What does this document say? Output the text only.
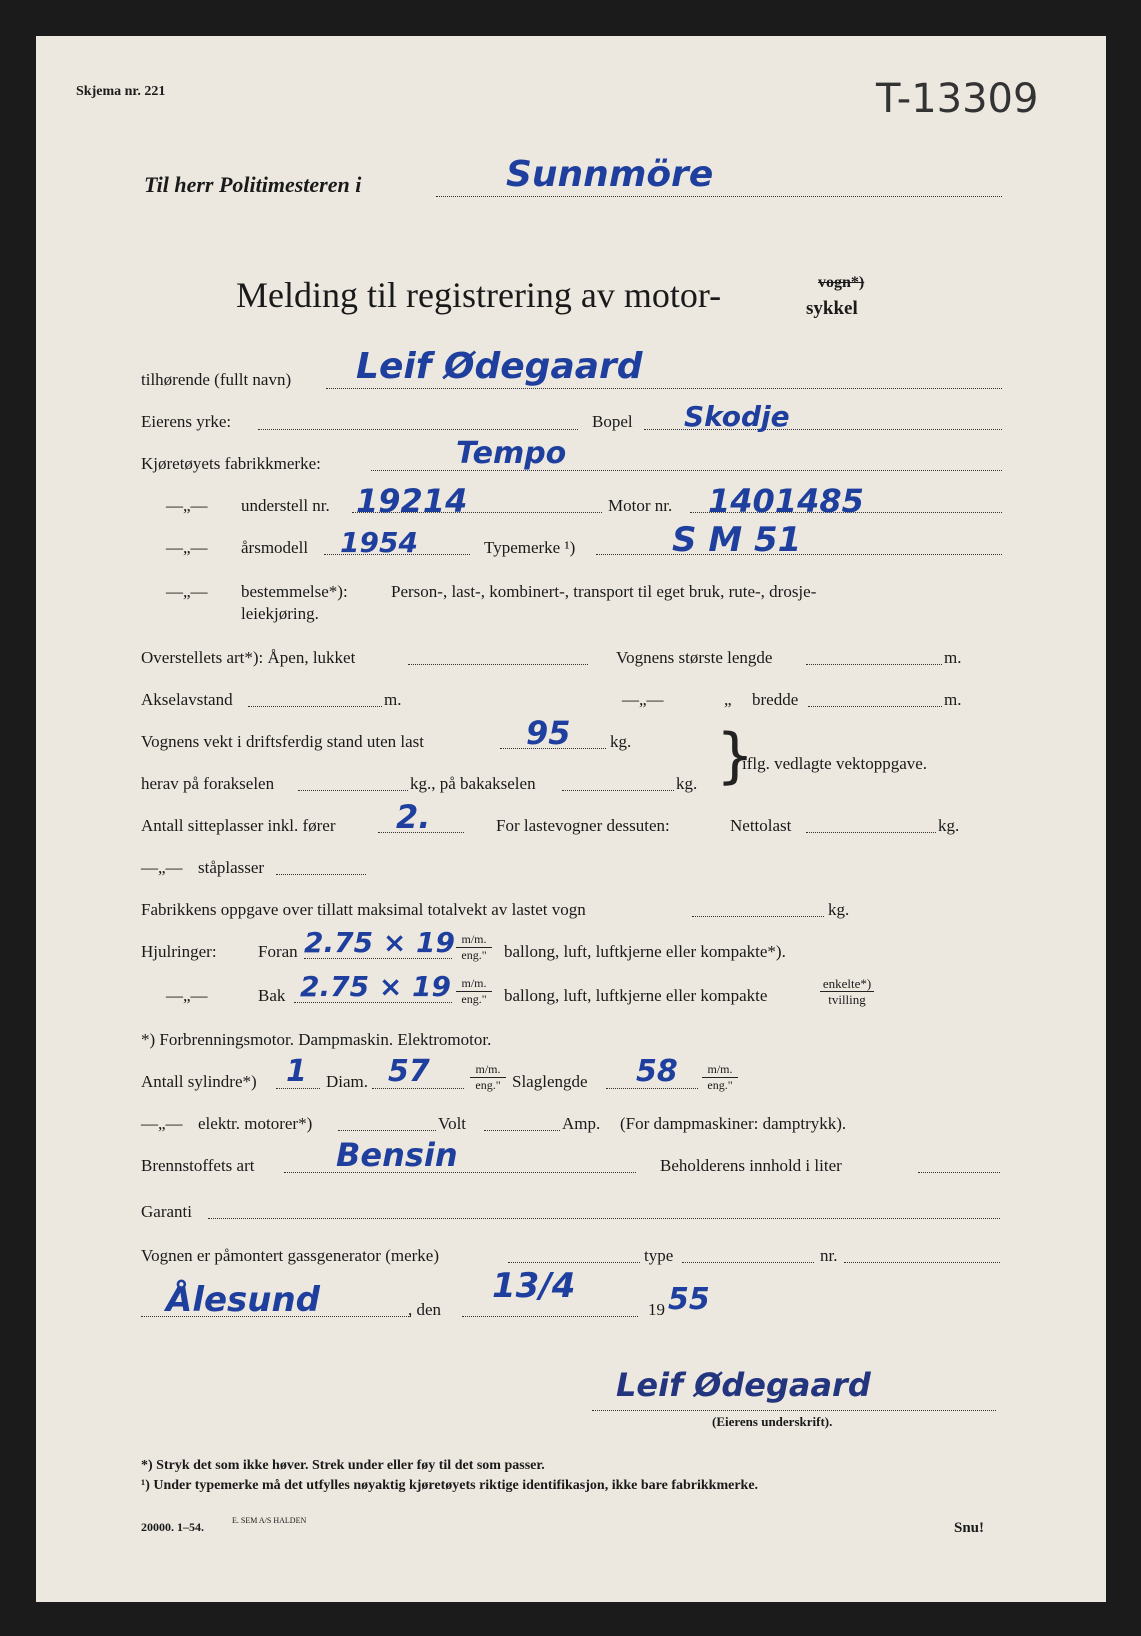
Skjema nr. 221	T-13309
Til herr Politimesteren i	Sunnmöre
Melding til registrering av motor-	vogn*)
sykkel
tilhørende (fullt navn) Leif Ødegaard
Eierens yrke:	Bopel Skodje
Kjøretøyets fabrikkmerke:	Tempo
—„— understell nr. 19214	Motor nr. 1401485
—„— årsmodell 1954	Typemerke ¹)	S M 51
—„— bestemmelse*):	Person-, last-, kombinert-, transport til eget bruk, rute-, drosje-
leiekjøring.
Overstellets art*): Åpen, lukket	Vognens største lengde	m.
Akselavstand	m.	—„—	„ bredde	m.
Vognens vekt i driftsferdig stand uten last	95 kg. }
iflg. vedlagte vektoppgave.
herav på forakselen	kg., på bakakselen	kg.
Antall sitteplasser inkl. fører 2.	For lastevogner dessuten:	Nettolast	kg.
—„— ståplasser
Fabrikkens oppgave over tillatt maksimal totalvekt av lastet vogn	kg.
Hjulringer: Foran 2.75 × 19 m/m.
eng."	ballong, luft, luftkjerne eller kompakte*).
—„—	Bak 2.75 × 19 m/m.
eng."	ballong, luft, luftkjerne eller kompakte
enkelte*)
tvilling
*) Forbrenningsmotor. Dampmaskin. Elektromotor.
Antall sylindre*) 1 Diam. 57	m/m.
eng." Slaglengde 58	m/m.
eng."
—„— elektr. motorer*)	Volt	Amp. (For dampmaskiner: damptrykk).
Brennstoffets art	Bensin	Beholderens innhold i liter
Garanti
Vognen er påmontert gassgenerator (merke)	type	nr.
Ålesund	, den
13/4
19 55
Leif Ødegaard
(Eierens underskrift).
*) Stryk det som ikke høver. Strek under eller føy til det som passer.
¹) Under typemerke må det utfylles nøyaktig kjøretøyets riktige identifikasjon, ikke bare fabrikkmerke.
20000. 1–54.	E. SEM A/S HALDEN	Snu!
